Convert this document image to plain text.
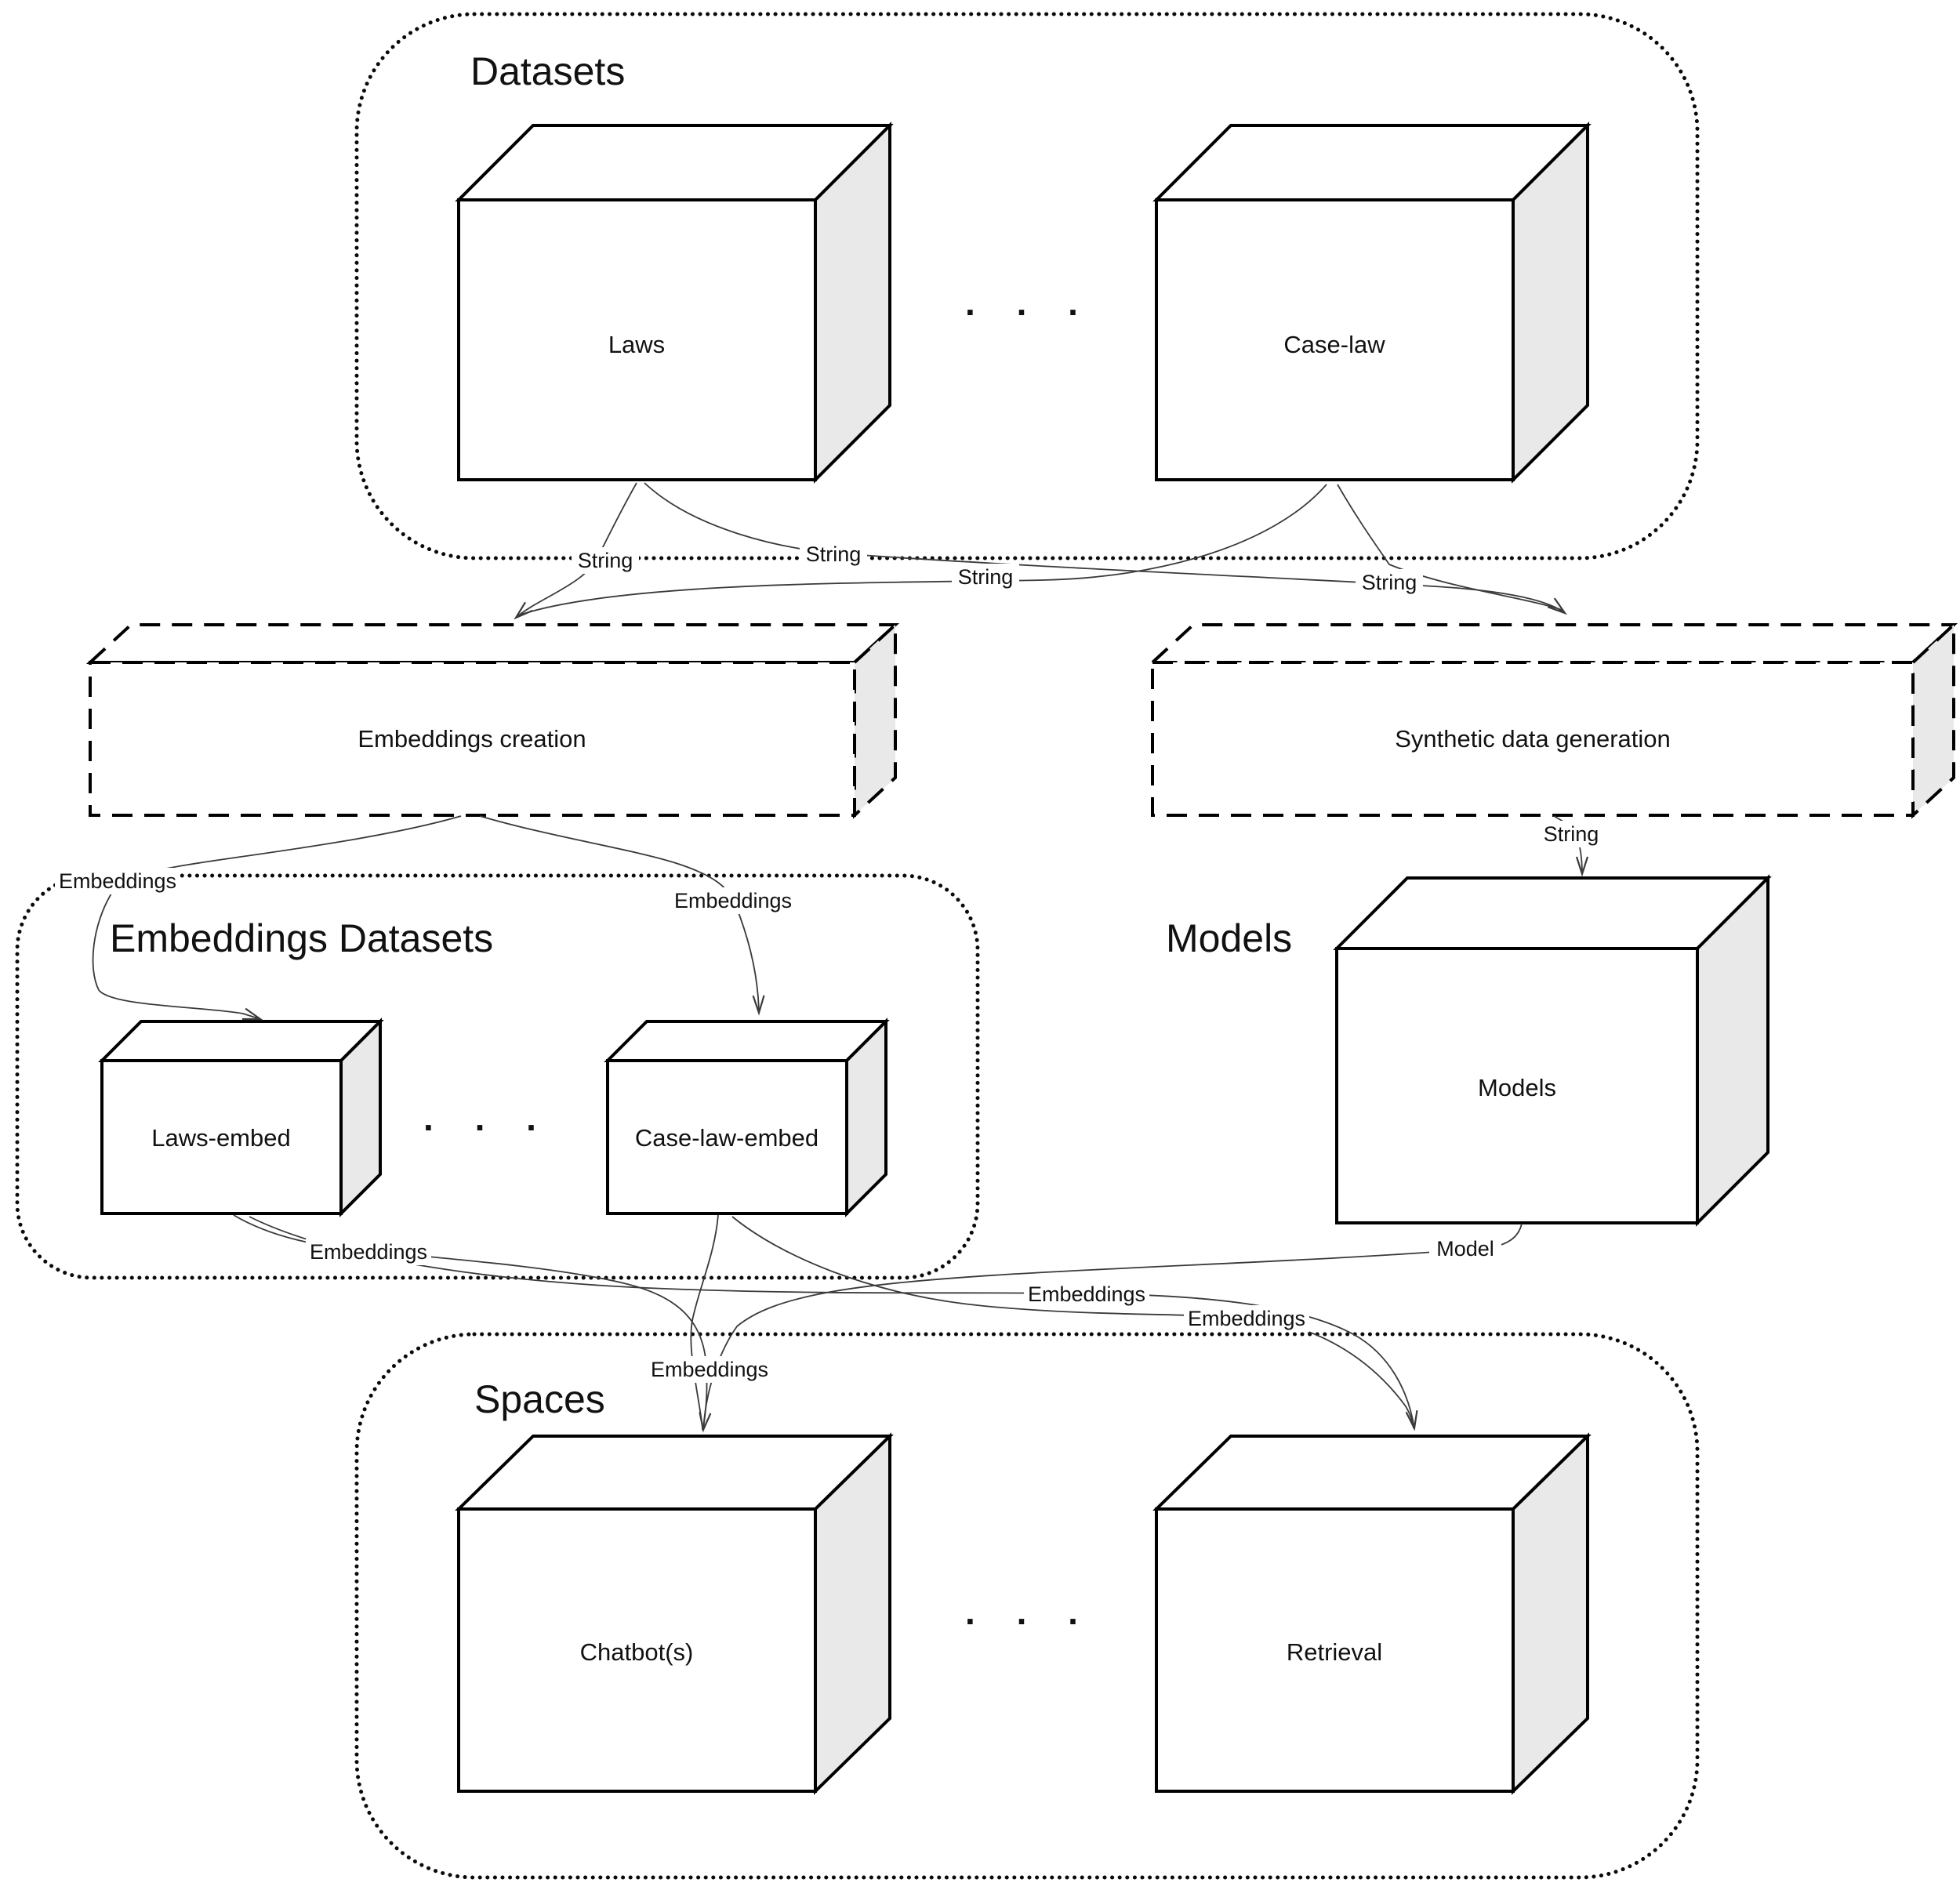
Laws	Case-law
Embeddings creation	Synthetic data generation
Laws-embed	Case-law-embed
Models
Chatbot(s)	Retrieval
String	String
String	String
String
Embeddings
Embeddings
Embeddings
Embeddings
Embeddings
Embeddings
Model
Datasets
Embeddings Datasets	Models
Spaces
. . .
. . .
. . .
